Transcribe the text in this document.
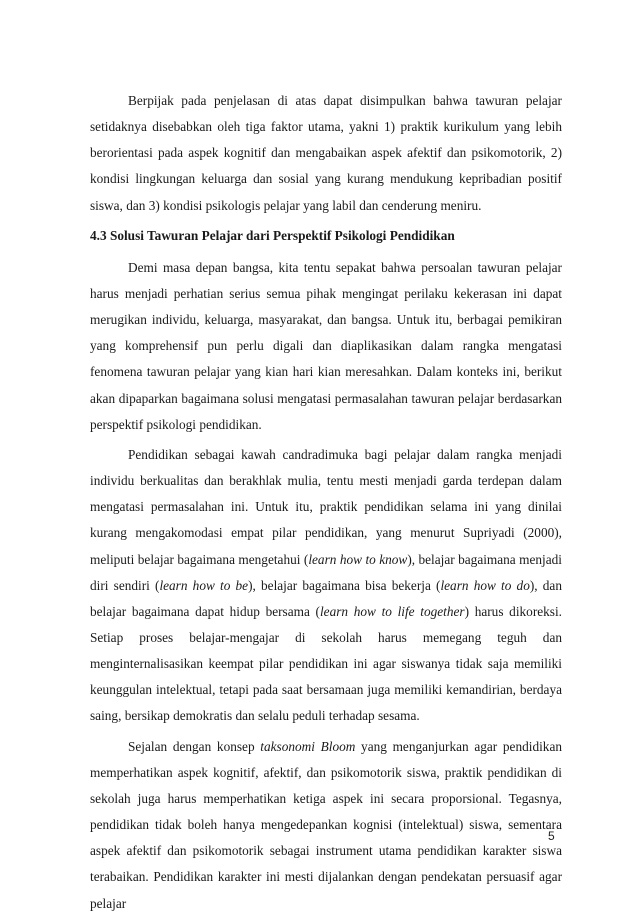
Berpijak pada penjelasan di atas dapat disimpulkan bahwa tawuran pelajar setidaknya disebabkan oleh tiga faktor utama, yakni 1) praktik kurikulum yang lebih berorientasi pada aspek kognitif dan mengabaikan aspek afektif dan psikomotorik, 2) kondisi lingkungan keluarga dan sosial yang kurang mendukung kepribadian positif siswa, dan 3) kondisi psikologis pelajar yang labil dan cenderung meniru.

4.3 Solusi Tawuran Pelajar dari Perspektif Psikologi Pendidikan

Demi masa depan bangsa, kita tentu sepakat bahwa persoalan tawuran pelajar harus menjadi perhatian serius semua pihak mengingat perilaku kekerasan ini dapat merugikan individu, keluarga, masyarakat, dan bangsa. Untuk itu, berbagai pemikiran yang komprehensif pun perlu digali dan diaplikasikan dalam rangka mengatasi fenomena tawuran pelajar yang kian hari kian meresahkan. Dalam konteks ini, berikut akan dipaparkan bagaimana solusi mengatasi permasalahan tawuran pelajar berdasarkan perspektif psikologi pendidikan.

Pendidikan sebagai kawah candradimuka bagi pelajar dalam rangka menjadi individu berkualitas dan berakhlak mulia, tentu mesti menjadi garda terdepan dalam mengatasi permasalahan ini. Untuk itu, praktik pendidikan selama ini yang dinilai kurang mengakomodasi empat pilar pendidikan, yang menurut Supriyadi (2000), meliputi belajar bagaimana mengetahui (learn how to know), belajar bagaimana menjadi diri sendiri (learn how to be), belajar bagaimana bisa bekerja (learn how to do), dan belajar bagaimana dapat hidup bersama (learn how to life together) harus dikoreksi. Setiap proses belajar-mengajar di sekolah harus memegang teguh dan menginternalisasikan keempat pilar pendidikan ini agar siswanya tidak saja memiliki keunggulan intelektual, tetapi pada saat bersamaan juga memiliki kemandirian, berdaya saing, bersikap demokratis dan selalu peduli terhadap sesama.

Sejalan dengan konsep taksonomi Bloom yang menganjurkan agar pendidikan memperhatikan aspek kognitif, afektif, dan psikomotorik siswa, praktik pendidikan di sekolah juga harus memperhatikan ketiga aspek ini secara proporsional. Tegasnya, pendidikan tidak boleh hanya mengedepankan kognisi (intelektual) siswa, sementara aspek afektif dan psikomotorik sebagai instrument utama pendidikan karakter siswa terabaikan. Pendidikan karakter ini mesti dijalankan dengan pendekatan persuasif agar pelajar

5
